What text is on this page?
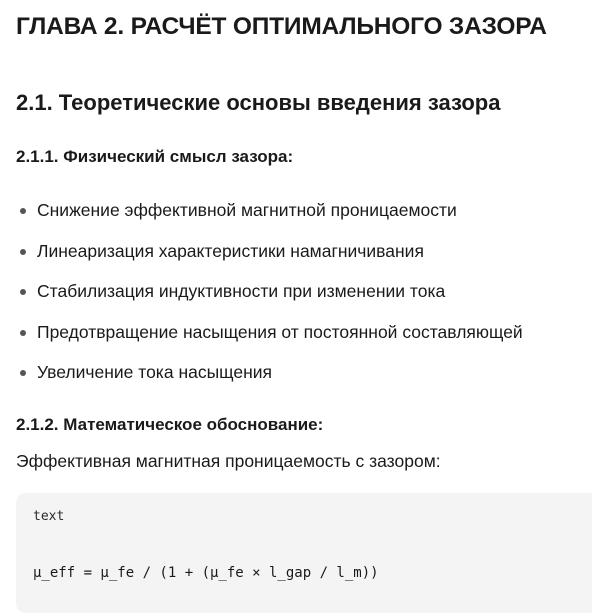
ГЛАВА 2. РАСЧЁТ ОПТИМАЛЬНОГО ЗАЗОРА
2.1. Теоретические основы введения зазора
2.1.1. Физический смысл зазора:
Снижение эффективной магнитной проницаемости
Линеаризация характеристики намагничивания
Стабилизация индуктивности при изменении тока
Предотвращение насыщения от постоянной составляющей
Увеличение тока насыщения
2.1.2. Математическое обоснование:

Эффективная магнитная проницаемость с зазором:

text
μ_eff = μ_fe / (1 + (μ_fe × l_gap / l_m))
